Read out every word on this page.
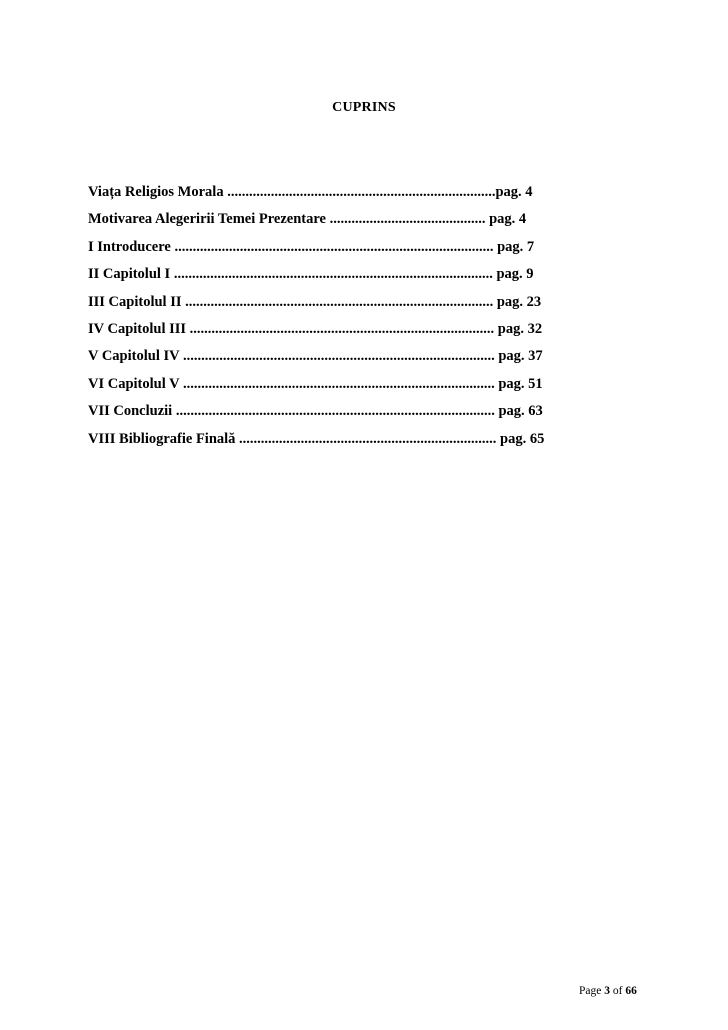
CUPRINS
Viața Religios Morala ..........................................................................pag. 4
Motivarea Alegeririi Temei Prezentare ........................................... pag. 4
I Introducere ........................................................................................ pag. 7
II Capitolul I ........................................................................................ pag. 9
III Capitolul II ..................................................................................... pag. 23
IV Capitolul III .................................................................................... pag. 32
V Capitolul IV ...................................................................................... pag. 37
VI Capitolul V ...................................................................................... pag. 51
VII Concluzii ........................................................................................ pag. 63
VIII Bibliografie Finală ....................................................................... pag. 65
Page 3 of 66
